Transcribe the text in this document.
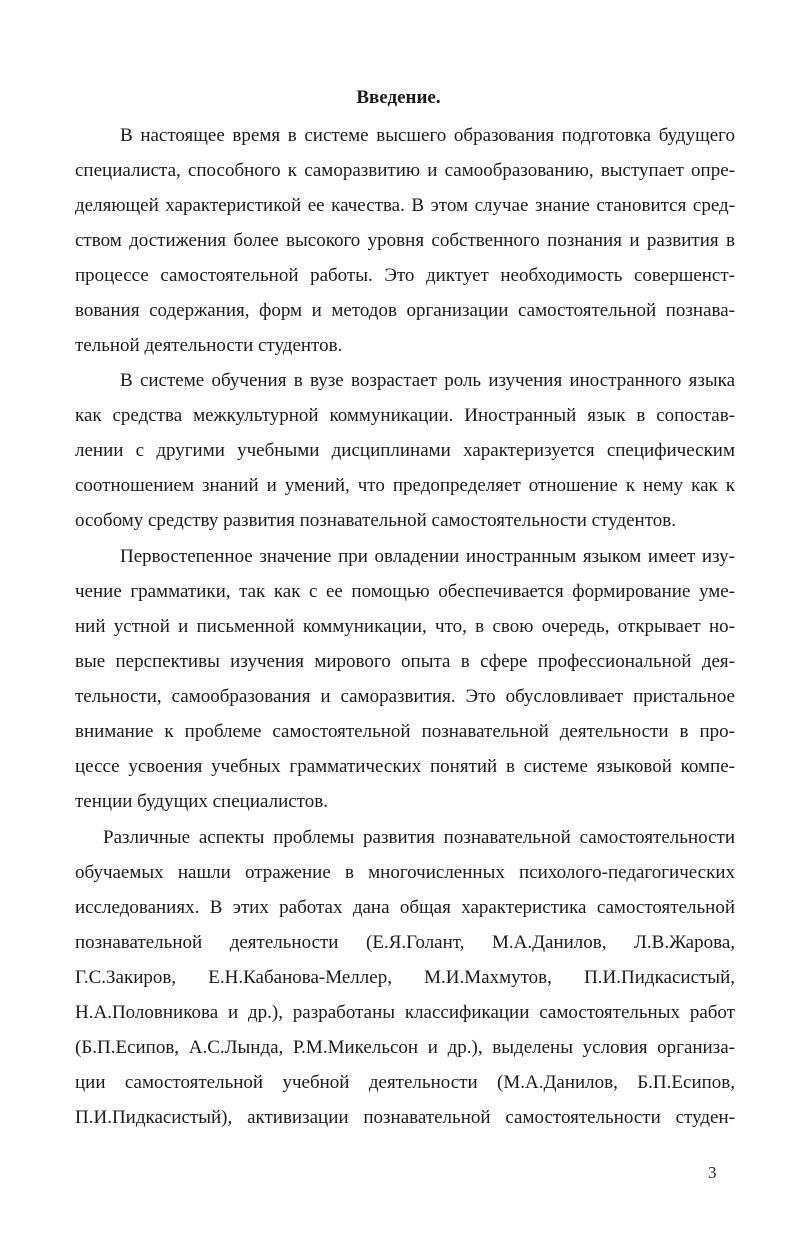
Введение.
В настоящее время в системе высшего образования подготовка будущего
специалиста, способного к саморазвитию и самообразованию, выступает опре-
деляющей характеристикой ее качества. В этом случае знание становится сред-
ством достижения более высокого уровня собственного познания и развития в
процессе самостоятельной работы. Это диктует необходимость совершенст-
вования содержания, форм и методов организации самостоятельной познава-
тельной деятельности студентов.
В системе обучения в вузе возрастает роль изучения иностранного языка
как средства межкультурной коммуникации. Иностранный язык в сопостав-
лении с другими учебными дисциплинами характеризуется специфическим
соотношением знаний и умений, что предопределяет отношение к нему как к
особому средству развития познавательной самостоятельности студентов.
Первостепенное значение при овладении иностранным языком имеет изу-
чение грамматики, так как с ее помощью обеспечивается формирование уме-
ний устной и письменной коммуникации, что, в свою очередь, открывает но-
вые перспективы изучения мирового опыта в сфере профессиональной дея-
тельности, самообразования и саморазвития. Это обусловливает пристальное
внимание к проблеме самостоятельной познавательной деятельности в про-
цессе усвоения учебных грамматических понятий в системе языковой компе-
тенции будущих специалистов.
Различные аспекты проблемы развития познавательной самостоятельности
обучаемых нашли отражение в многочисленных психолого-педагогических
исследованиях. В этих работах дана общая характеристика самостоятельной
познавательной деятельности (Е.Я.Голант, М.А.Данилов, Л.В.Жарова,
Г.С.Закиров, Е.Н.Кабанова-Меллер, М.И.Махмутов, П.И.Пидкасистый,
Н.А.Половникова и др.), разработаны классификации самостоятельных работ
(Б.П.Есипов, А.С.Лында, Р.М.Микельсон и др.), выделены условия организа-
ции самостоятельной учебной деятельности (М.А.Данилов, Б.П.Есипов,
П.И.Пидкасистый), активизации познавательной самостоятельности студен-
3
